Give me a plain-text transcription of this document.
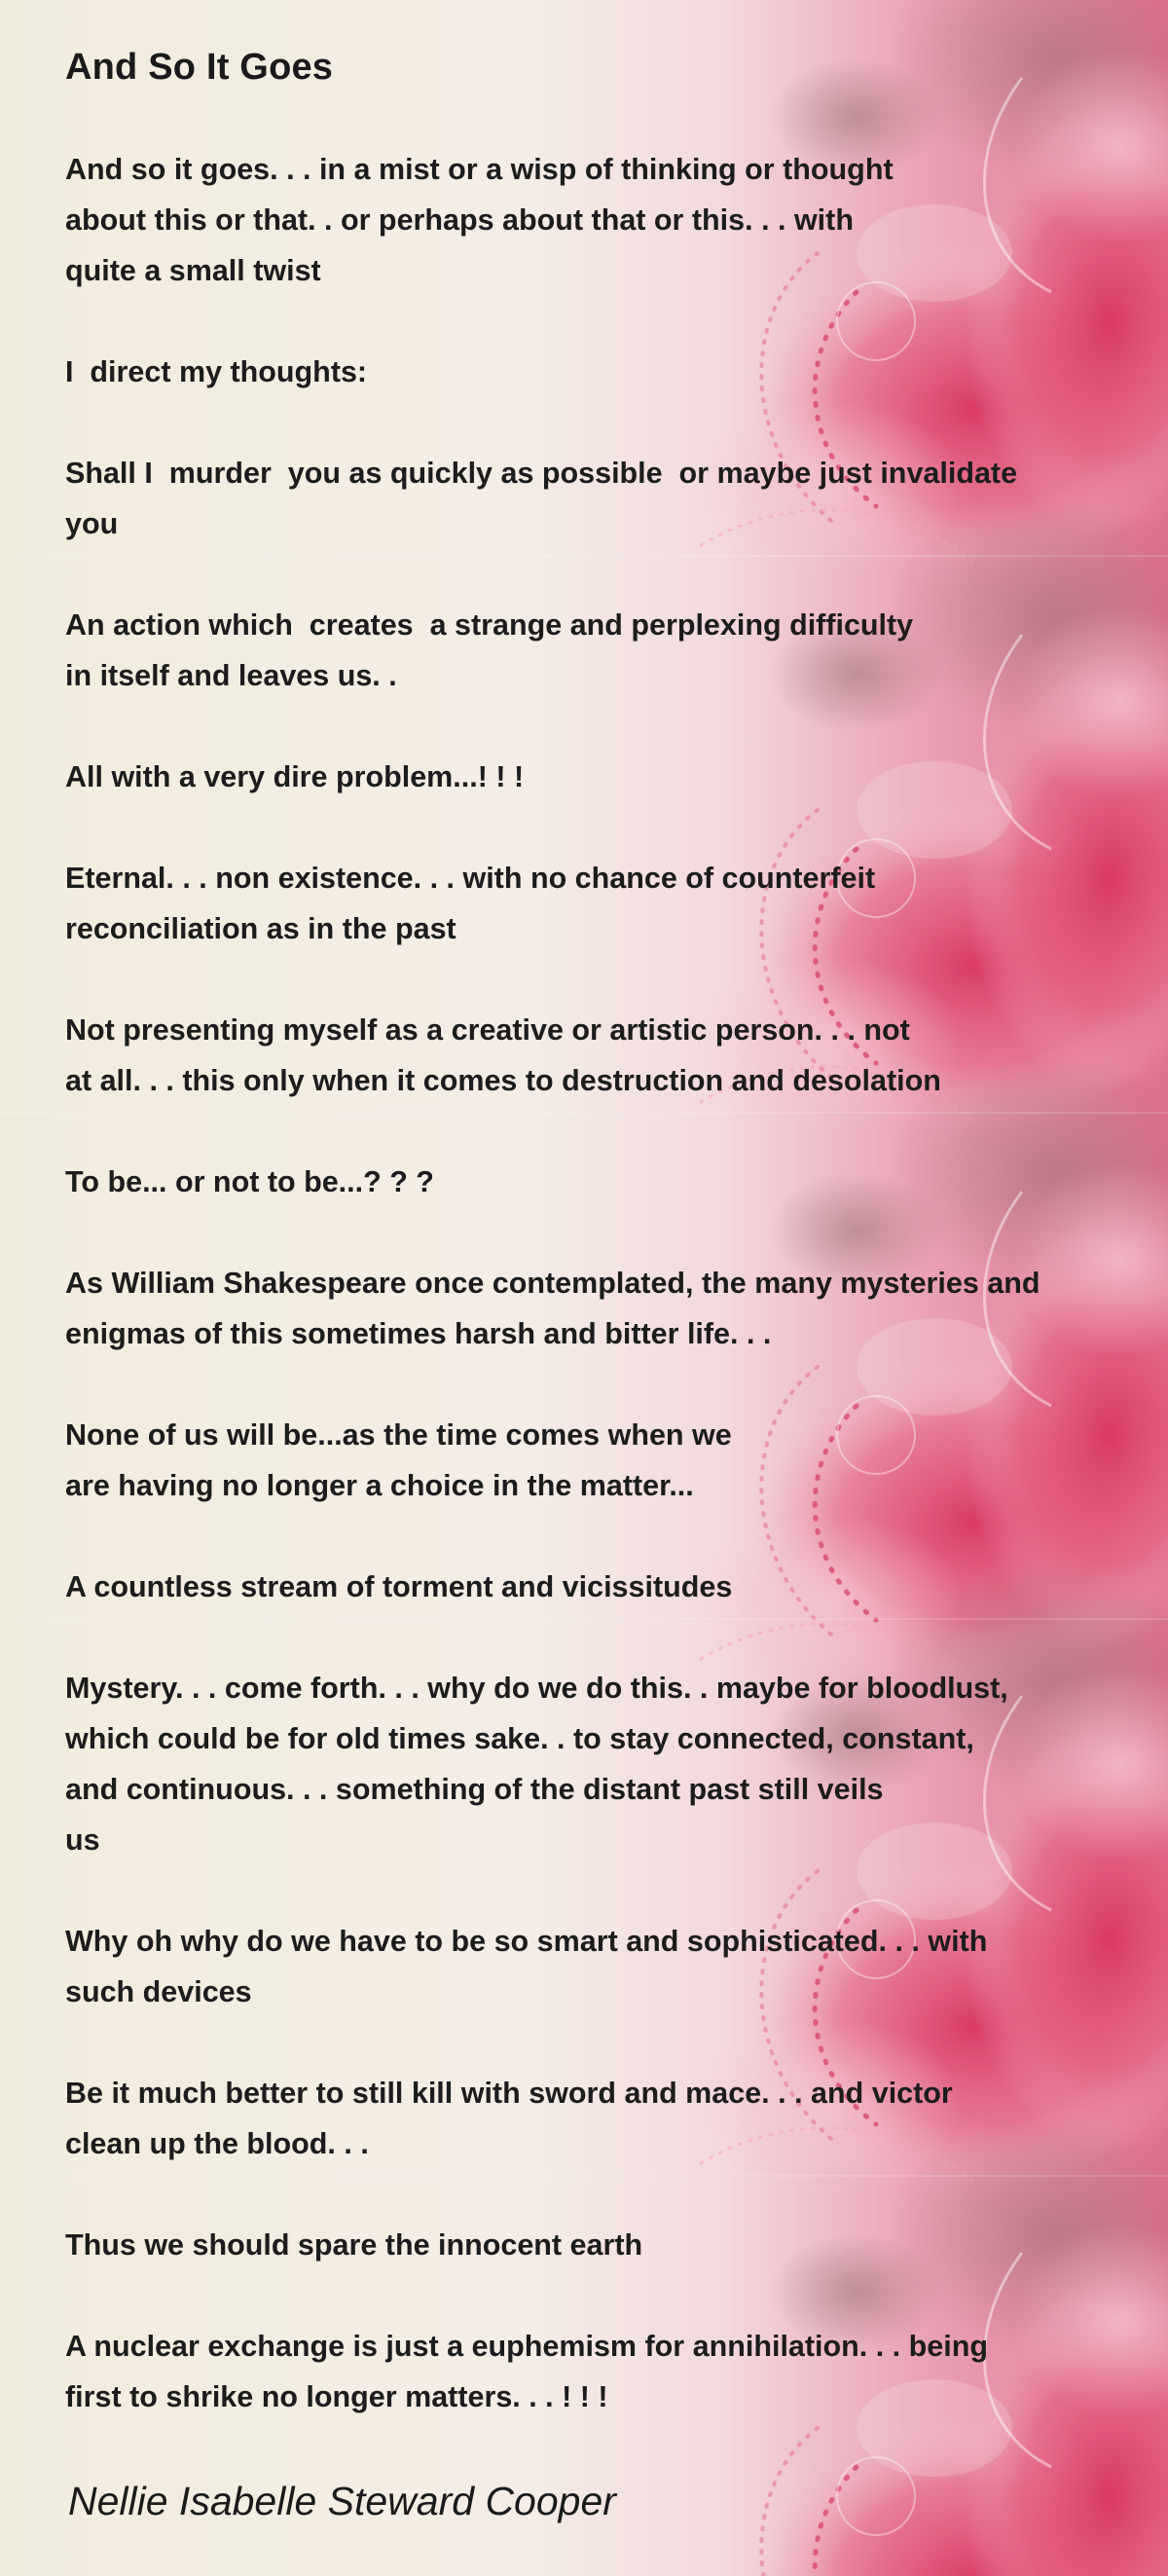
And So It Goes

And so it goes. . . in a mist or a wisp of thinking or thought

about this or that. . or perhaps about that or this. . . with

quite a small twist

I  direct my thoughts:

Shall I  murder  you as quickly as possible  or maybe just invalidate

you

An action which  creates  a strange and perplexing difficulty

in itself and leaves us. .

All with a very dire problem...! ! !

Eternal. . . non existence. . . with no chance of counterfeit

reconciliation as in the past

Not presenting myself as a creative or artistic person. . . not

at all. . . this only when it comes to destruction and desolation

To be... or not to be...? ? ?

As William Shakespeare once contemplated, the many mysteries and

enigmas of this sometimes harsh and bitter life. . .

None of us will be...as the time comes when we

are having no longer a choice in the matter...

A countless stream of torment and vicissitudes

Mystery. . . come forth. . . why do we do this. . maybe for bloodlust,

which could be for old times sake. . to stay connected, constant,

and continuous. . . something of the distant past still veils

us

Why oh why do we have to be so smart and sophisticated. . . with

such devices

Be it much better to still kill with sword and mace. . . and victor

clean up the blood. . .

Thus we should spare the innocent earth

A nuclear exchange is just a euphemism for annihilation. . . being

first to shrike no longer matters. . . ! ! !

Nellie Isabelle Steward Cooper
